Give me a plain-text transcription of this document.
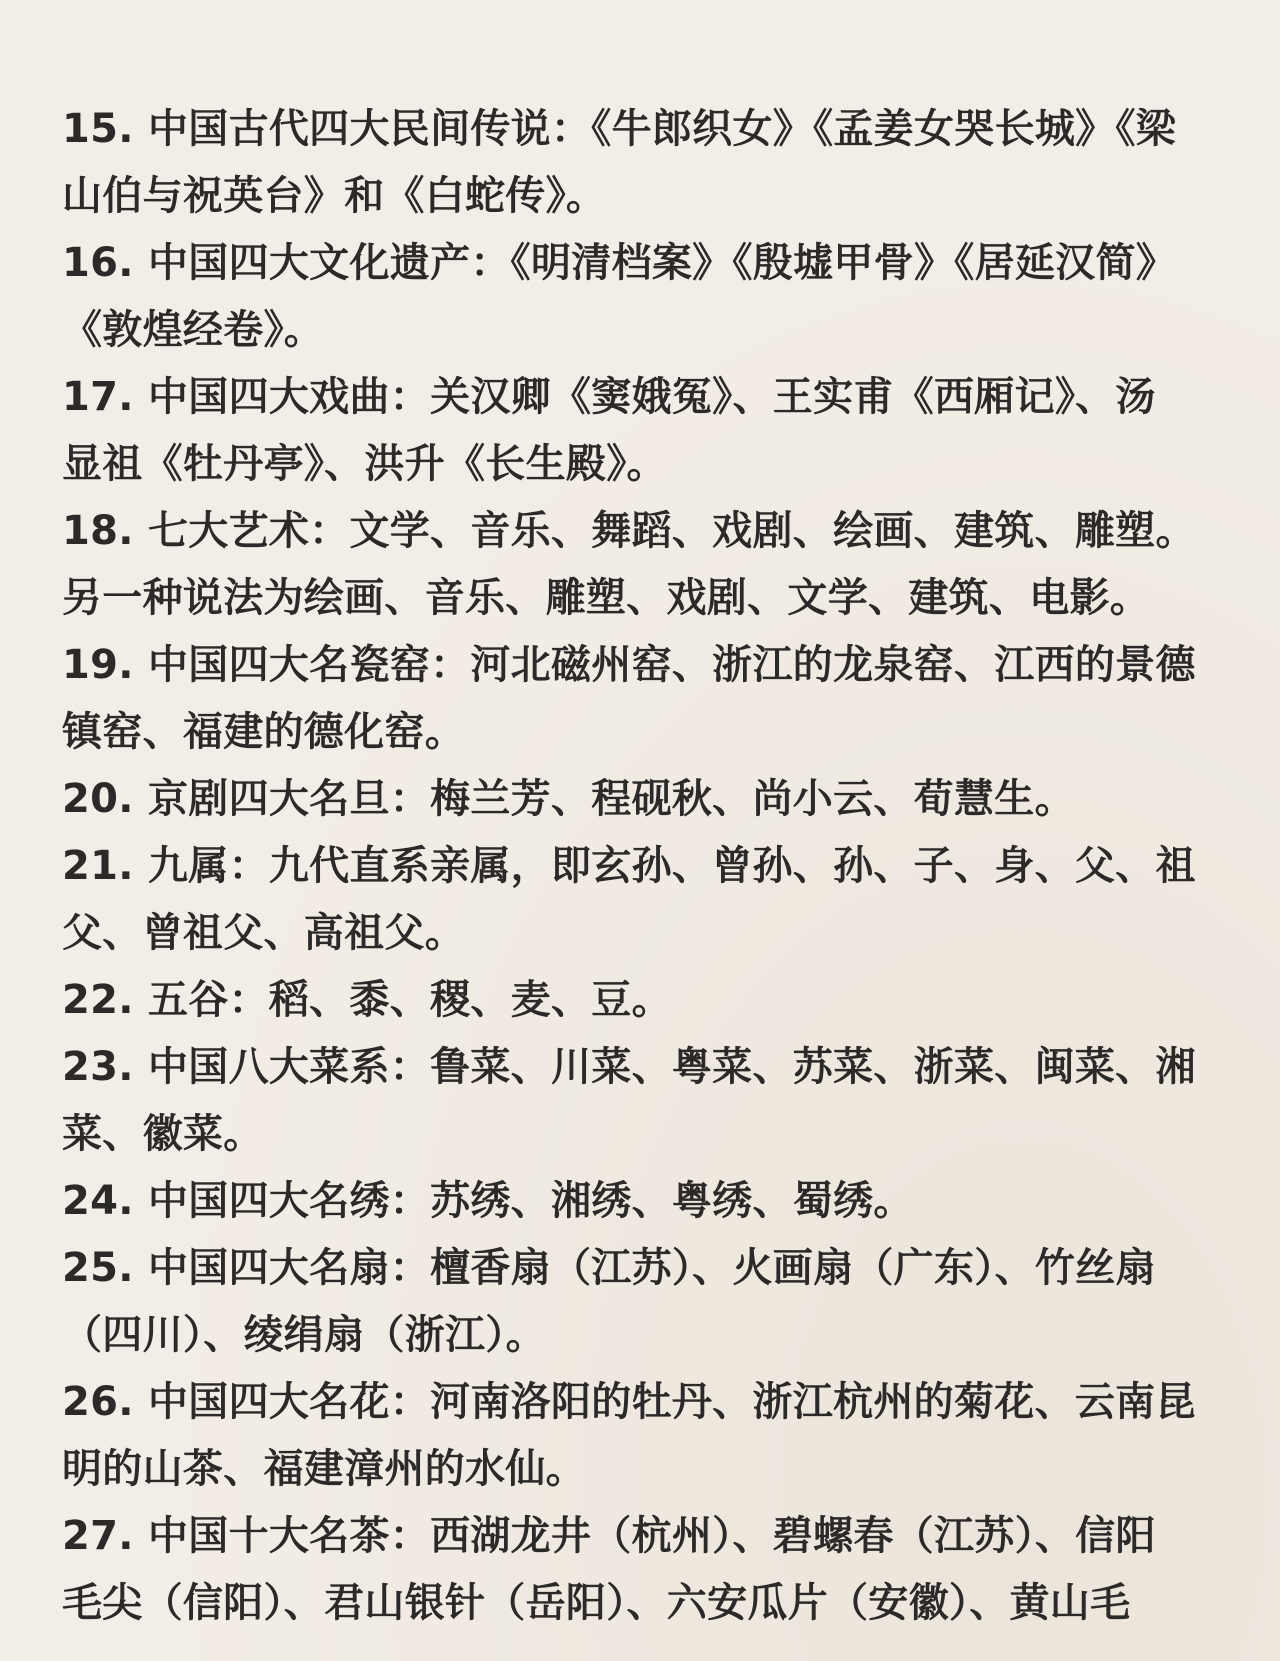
15. 中国古代四大民间传说：《牛郎织女》《孟姜女哭长城》《梁
山伯与祝英台》和《白蛇传》。
16. 中国四大文化遗产：《明清档案》《殷墟甲骨》《居延汉简》
《敦煌经卷》。
17. 中国四大戏曲：关汉卿《窦娥冤》、王实甫《西厢记》、汤
显祖《牡丹亭》、洪升《长生殿》。
18. 七大艺术：文学、音乐、舞蹈、戏剧、绘画、建筑、雕塑。
另一种说法为绘画、音乐、雕塑、戏剧、文学、建筑、电影。
19. 中国四大名瓷窑：河北磁州窑、浙江的龙泉窑、江西的景德
镇窑、福建的德化窑。
20. 京剧四大名旦：梅兰芳、程砚秋、尚小云、荀慧生。
21. 九属：九代直系亲属，即玄孙、曾孙、孙、子、身、父、祖
父、曾祖父、高祖父。
22. 五谷：稻、黍、稷、麦、豆。
23. 中国八大菜系：鲁菜、川菜、粤菜、苏菜、浙菜、闽菜、湘
菜、徽菜。
24. 中国四大名绣：苏绣、湘绣、粤绣、蜀绣。
25. 中国四大名扇：檀香扇（江苏）、火画扇（广东）、竹丝扇
（四川）、绫绢扇（浙江）。
26. 中国四大名花：河南洛阳的牡丹、浙江杭州的菊花、云南昆
明的山茶、福建漳州的水仙。
27. 中国十大名茶：西湖龙井（杭州）、碧螺春（江苏）、信阳
毛尖（信阳）、君山银针（岳阳）、六安瓜片（安徽）、黄山毛
